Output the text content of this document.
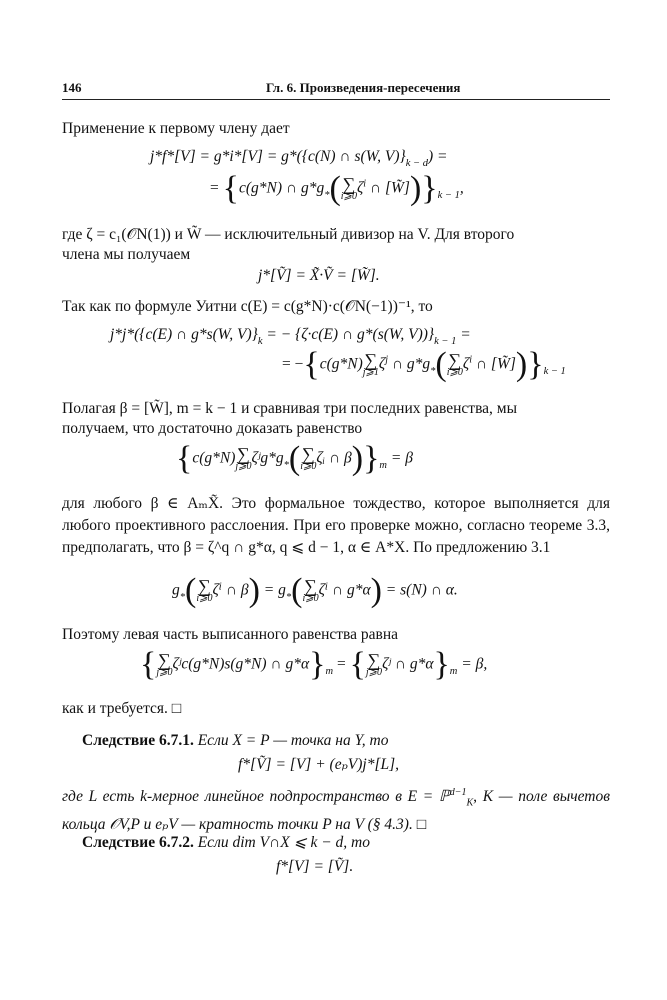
146	Гл. 6. Произведения-пересечения
Применение к первому члену дает
j*f*[V] = g*i*[V] = g*({c(N) ∩ s(W, $V)\}_{k - d}$) =
= {c(g*N) ∩ $g*g_*$( ∑
i⩾0 $\zeta^i$ ∩ $[W̃])\}_{k - 1}$,
где ζ = c₁(𝒪N(1)) и W̃ — исключительный дивизор на V. Для второго
члена мы получаем
j*[Ṽ] = X̃·Ṽ = [W̃].
Так как по формуле Уитни c(E) = c(g*N)·c(𝒪N(−1))⁻¹, то
j*j*({c(E) ∩ g*s(W, $V)\}_k$ = − {ζ·c(E) ∩ g*(s(W, $V))\}_{k - 1}$ =
= −{c(g*N) ∑
j⩾1 $\zeta^j$ ∩ $g*g_*$( ∑
i⩾0 $\zeta^i$ ∩ $[W̃])\}_{k - 1}$
Полагая β = [W̃], m = k − 1 и сравнивая три последних равенства, мы
получаем, что достаточно доказать равенство
{c(g*N) ∑
j⩾0 $\zeta ʲg*g_*$( ∑
i⩾0 ζᵢ ∩ $\beta)\}_m = \beta$
для любого β ∈ AₘX̃. Это формальное тождество, которое выполняется для любого проективного расслоения. При его проверке можно, согласно теореме 3.3, предполагать, что β = ζ^q ∩ g*α, q ⩽ d − 1, α ∈ A*X. По предложению 3.1
$g_*$( ∑
i⩾0 ζⁱ ∩ $\beta) = g_*$( ∑
i⩾0 ζⁱ ∩ g*α) = s(N) ∩ α.
Поэтому левая часть выписанного равенства равна
{ ∑
j⩾0 ζʲc(g*N)s(g*N) ∩ $g*\alpha\}_m$ = { ∑
j⩾0 ζʲ ∩ $g*\alpha\}_m = \beta$,
как и требуется. □
Следствие 6.7.1. Если X = P — точка на Y, то
f*[Ṽ] = [V] + (eₚV)j*[L],
где L есть k-мерное линейное подпространство в E = ℙ$^{d-1}_K$, K — поле вычетов кольца 𝒪V,P и eₚV — кратность точки P на V (§ 4.3). □
Следствие 6.7.2. Если dim V∩X ⩽ k − d, то
f*[V] = [Ṽ].
